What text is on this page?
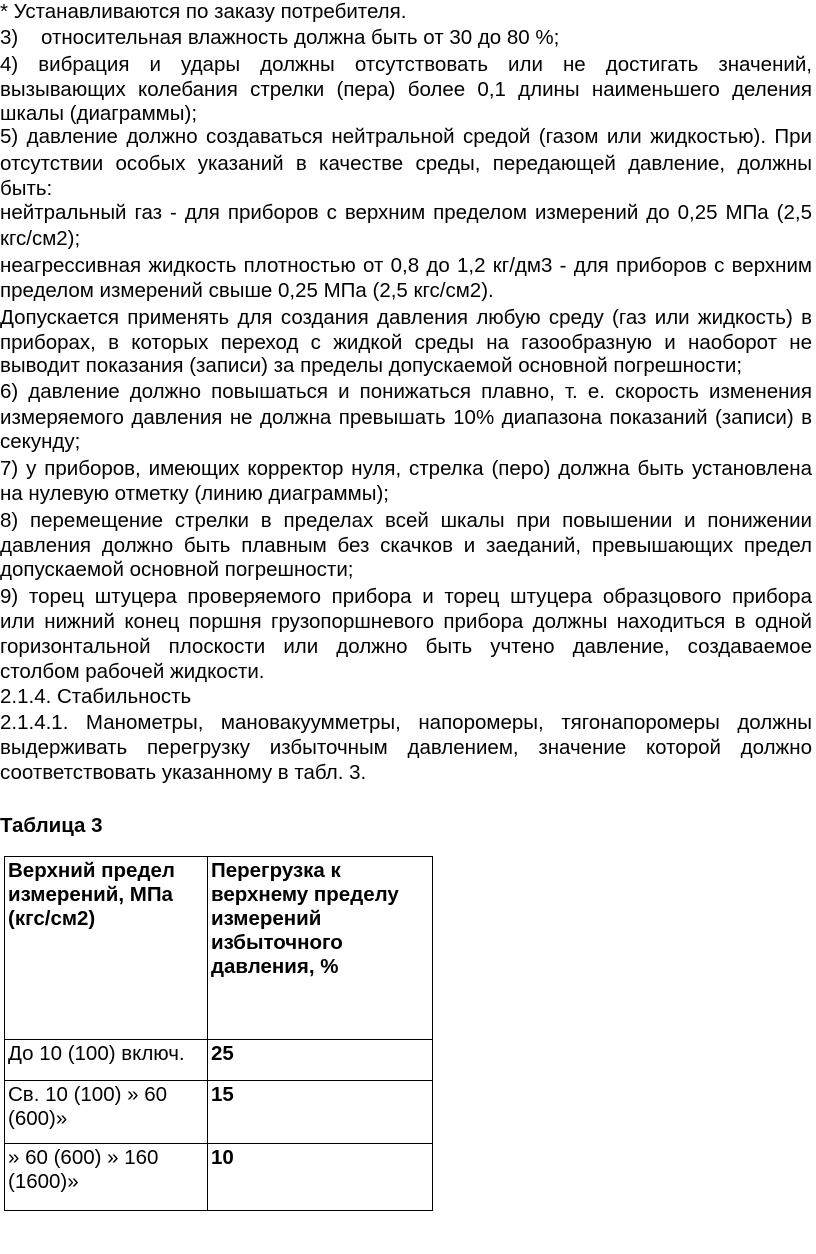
* Устанавливаются по заказу потребителя.
3)    относительная влажность должна быть от 30 до 80 %;
4) вибрация и удары должны отсутствовать или не достигать значений,
вызывающих колебания стрелки (пера) более 0,1 длины наименьшего деления
шкалы (диаграммы);
5) давление должно создаваться нейтральной средой (газом или жидкостью). При
отсутствии особых указаний в качестве среды, передающей давление, должны
быть:
нейтральный газ - для приборов с верхним пределом измерений до 0,25 МПа (2,5
кгс/см2);
неагрессивная жидкость плотностью от 0,8 до 1,2 кг/дм3 - для приборов с верхним
пределом измерений свыше 0,25 МПа (2,5 кгс/см2).
Допускается применять для создания давления любую среду (газ или жидкость) в
приборах, в которых переход с жидкой среды на газообразную и наоборот не
выводит показания (записи) за пределы допускаемой основной погрешности;
6) давление должно повышаться и понижаться плавно, т. е. скорость изменения
измеряемого давления не должна превышать 10% диапазона показаний (записи) в
секунду;
7) у приборов, имеющих корректор нуля, стрелка (перо) должна быть установлена
на нулевую отметку (линию диаграммы);
8) перемещение стрелки в пределах всей шкалы при повышении и понижении
давления должно быть плавным без скачков и заеданий, превышающих предел
допускаемой основной погрешности;
9) торец штуцера проверяемого прибора и торец штуцера образцового прибора
или нижний конец поршня грузопоршневого прибора должны находиться в одной
горизонтальной плоскости или должно быть учтено давление, создаваемое
столбом рабочей жидкости.
2.1.4. Стабильность
2.1.4.1. Манометры, мановакуумметры, напоромеры, тягонапоромеры должны
выдерживать перегрузку избыточным давлением, значение которой должно
соответствовать указанному в табл. 3.
Таблица 3
Верхний предел измерений, МПа (кгс/см2)	Перегрузка к верхнему пределу измерений избыточного давления, %
До 10 (100) включ.	25
Св. 10 (100) » 60 (600)»	15
» 60 (600) » 160 (1600)»	10
